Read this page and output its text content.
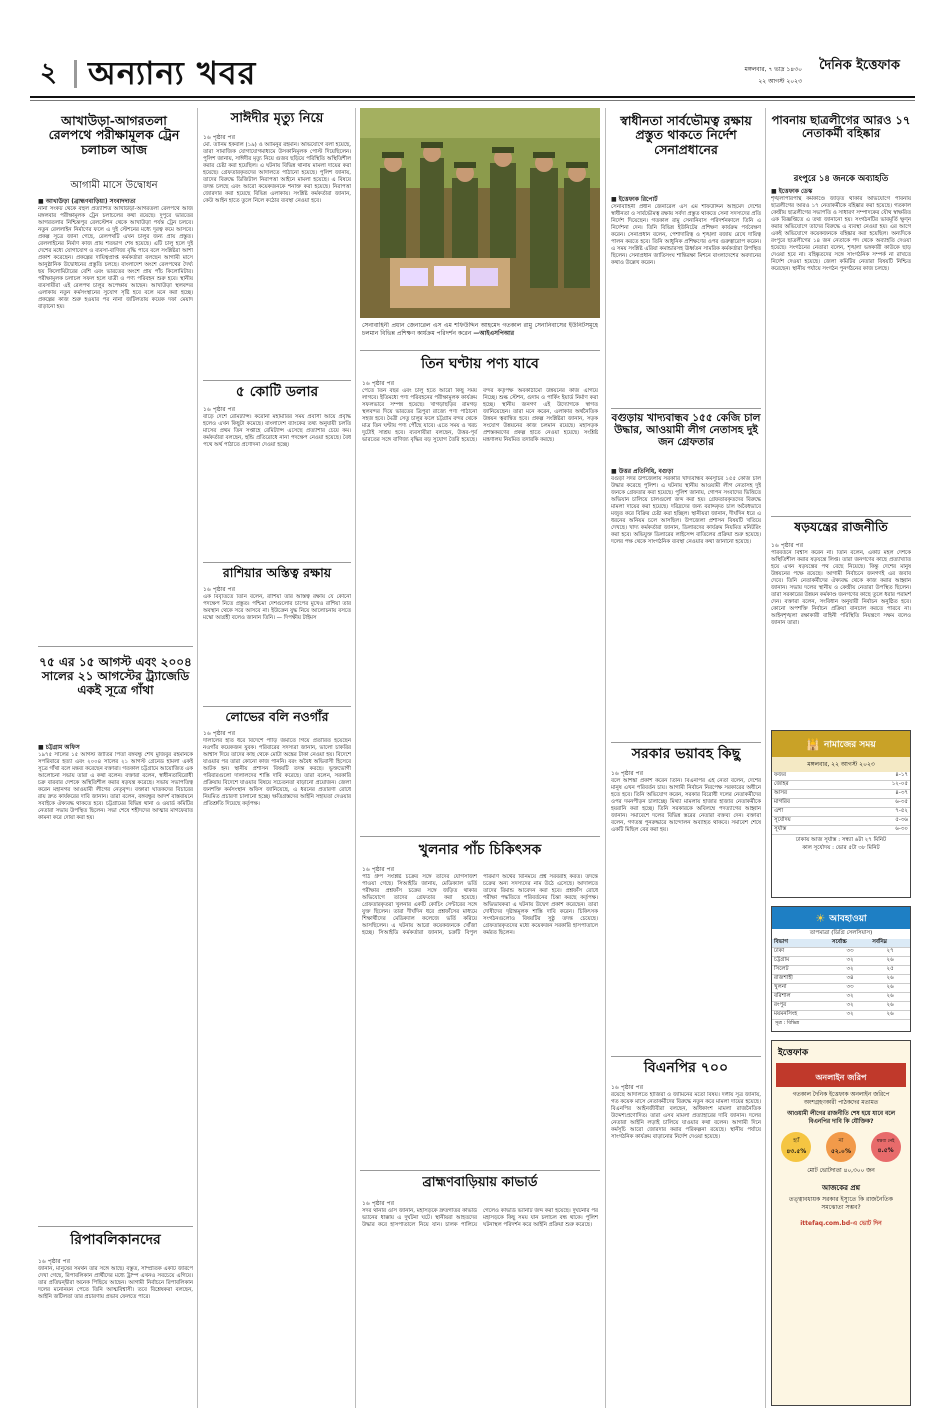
২ অন্যান্য খবর	মঙ্গলবার, ৭ ভাদ্র ১৪৩০
২২ আগস্ট ২০২৩
দৈনিক ইত্তেফাক
আখাউড়া-আগরতলা রেলপথে পরীক্ষামূলক ট্রেন চলাচল আজ
আগামী মাসে উদ্বোধন
■ আখাউড়া (ব্রাহ্মণবাড়িয়া) সংবাদদাতা
নানা সংকট থেকে বহুল প্রত্যাশিত আখাউড়া-আগরতলা রেলপথে আজ মঙ্গলবার পরীক্ষামূলক ট্রেন চলাচলের কথা রয়েছে। দুপুরে ভারতের আগরতলার নিশ্চিন্তপুর রেলস্টেশন থেকে আখাউড়া পর্যন্ত ট্রেন চলবে। নতুন রেললাইন নির্মাণের ফলে এ দুই স্টেশনের মধ্যে দূরত্ব কমে আসবে। প্রকল্প সূত্রে জানা গেছে, রেলপথটি এখন চালুর জন্য প্রায় প্রস্তুত। রেললাইনের নির্মাণ কাজ প্রায় শতভাগ শেষ হয়েছে। এটি চালু হলে দুই দেশের মধ্যে যোগাযোগ ও ব্যবসা-বাণিজ্য বৃদ্ধি পাবে বলে সংশ্লিষ্টরা আশা প্রকাশ করেছেন। প্রকল্পের দায়িত্বপ্রাপ্ত কর্মকর্তারা বলছেন আগামী মাসে আনুষ্ঠানিক উদ্বোধনের প্রস্তুতি চলছে। বাংলাদেশ অংশে রেলপথের দৈর্ঘ্য ছয় কিলোমিটারের বেশি এবং ভারতের অংশে প্রায় পাঁচ কিলোমিটার। পরীক্ষামূলক চলাচল সফল হলে যাত্রী ও পণ্য পরিবহন শুরু হবে। স্থানীয় ব্যবসায়ীরা এই রেলপথ চালুর অপেক্ষায় আছেন। আখাউড়া স্থলবন্দর এলাকায় নতুন কর্মসংস্থানের সুযোগ সৃষ্টি হবে বলে মনে করা হচ্ছে। প্রকল্পের কাজ শুরু হওয়ার পর নানা জটিলতায় কয়েক দফা মেয়াদ বাড়ানো হয়।
৭৫ এর ১৫ আগস্ট এবং ২০০৪ সালের ২১ আগস্টের ট্র্যাজেডি একই সূত্রে গাঁথা
■ চট্টগ্রাম অফিস
১৯৭৫ সালের ১৫ আগস্ট জাতির পিতা বঙ্গবন্ধু শেখ মুজিবুর রহমানকে সপরিবারে হত্যা এবং ২০০৪ সালের ২১ আগস্ট গ্রেনেড হামলা একই সূত্রে গাঁথা বলে মন্তব্য করেছেন বক্তারা। গতকাল চট্টগ্রামে আয়োজিত এক আলোচনা সভায় তারা এ কথা বলেন। বক্তারা বলেন, স্বাধীনতাবিরোধী চক্র বারবার দেশকে অস্থিতিশীল করার ষড়যন্ত্র করেছে। সভায় সভাপতিত্ব করেন মহানগর আওয়ামী লীগের নেতৃবৃন্দ। বক্তারা ঘাতকদের বিচারের রায় দ্রুত কার্যকরের দাবি জানান। তারা বলেন, বঙ্গবন্ধুর আদর্শ বাস্তবায়নে সবাইকে ঐক্যবদ্ধ থাকতে হবে। চট্টগ্রামের বিভিন্ন থানা ও ওয়ার্ড কমিটির নেতারা সভায় উপস্থিত ছিলেন। সভা শেষে শহীদদের আত্মার মাগফেরাত কামনা করে দোয়া করা হয়।
রিপাবলিকানদের
১৬ পৃষ্ঠার পর
জানান, মানুষের সমর্থন তার সঙ্গে আছে। বস্তুত, সাম্প্রতিক একটি জরিপে দেখা গেছে, রিপাবলিকান প্রার্থীদের মধ্যে ট্রাম্প এখনও সবচেয়ে এগিয়ে। তার প্রতিদ্বন্দ্বীরা অনেক পিছিয়ে আছেন। আগামী নির্বাচনে রিপাবলিকান দলের মনোনয়ন পেতে তিনি আত্মবিশ্বাসী। তবে বিশ্লেষকরা বলছেন, আইনি জটিলতা তার প্রচারণায় প্রভাব ফেলতে পারে।
সাঈদীর মৃত্যু নিয়ে
১৬ পৃষ্ঠার পর
মো. তানিম ইকবাল (১৯) ও আমিনুর রহমান। অভিযোগে বলা হয়েছে, তারা সামাজিক যোগাযোগমাধ্যমে উসকানিমূলক পোস্ট দিয়েছিলেন। পুলিশ জানায়, সাঈদীর মৃত্যু নিয়ে গুজব ছড়িয়ে পরিস্থিতি অস্থিতিশীল করার চেষ্টা করা হয়েছিল। এ ঘটনায় বিভিন্ন থানায় মামলা দায়ের করা হয়েছে। গ্রেফতারকৃতদের আদালতে পাঠানো হয়েছে। পুলিশ জানায়, তাদের বিরুদ্ধে ডিজিটাল নিরাপত্তা আইনে মামলা হয়েছে। এ বিষয়ে তদন্ত চলছে এবং আরো কয়েকজনকে শনাক্ত করা হয়েছে। নিরাপত্তা জোরদার করা হয়েছে বিভিন্ন এলাকায়। সংশ্লিষ্ট কর্মকর্তারা জানান, কেউ আইন হাতে তুলে নিলে কঠোর ব্যবস্থা নেওয়া হবে।
৫ কোটি ডলার
১৬ পৃষ্ঠার পর
বাড়ে দেশে রেমিট্যান্স। করোনা মহামারির সময় প্রবাসী আয়ে প্রবৃদ্ধি হলেও এখন কিছুটা কমেছে। বাংলাদেশ ব্যাংকের তথ্য অনুযায়ী চলতি মাসের প্রথম তিন সপ্তাহে রেমিট্যান্স এসেছে প্রত্যাশার চেয়ে কম। কর্মকর্তারা বলছেন, হুন্ডি প্রতিরোধে নানা পদক্ষেপ নেওয়া হয়েছে। বৈধ পথে অর্থ পাঠাতে প্রণোদনা দেওয়া হচ্ছে।
রাশিয়ার অস্তিত্ব রক্ষায়
১৬ পৃষ্ঠার পর
এক বিবৃতিতে তিনি বলেন, রাশিয়া তার অস্তিত্ব রক্ষায় যে কোনো পদক্ষেপ নিতে প্রস্তুত। পশ্চিমা দেশগুলোর চাপের মুখেও রাশিয়া তার অবস্থান থেকে সরে আসবে না। ইউক্রেন যুদ্ধ নিয়ে আলোচনায় বসতে মস্কো আগ্রহী বলেও জানান তিনি। — দিপক্ষীয় টাইমস
লোভের বলি নওগাঁর
১৬ পৃষ্ঠার পর
দালালের হাত ধরে বিদেশে পাড়ি জমাতে গিয়ে প্রতারিত হয়েছেন নওগাঁর কয়েকজন যুবক। পরিবারের সদস্যরা জানান, ভালো চাকরির আশ্বাস দিয়ে তাদের কাছ থেকে মোটা অঙ্কের টাকা নেওয়া হয়। বিদেশে যাওয়ার পর তারা কোনো কাজ পাননি। বরং অবৈধ অভিবাসী হিসেবে আটক হন। স্থানীয় প্রশাসন বিষয়টি তদন্ত করছে। ভুক্তভোগী পরিবারগুলো দালালদের শাস্তি দাবি করেছে। তারা বলেন, সরকারি প্রক্রিয়ায় বিদেশে যাওয়ার বিষয়ে সচেতনতা বাড়ানো প্রয়োজন। জেলা জনশক্তি কর্মসংস্থান অফিস জানিয়েছে, এ ধরনের প্রতারণা রোধে নিয়মিত প্রচারণা চালানো হচ্ছে। ক্ষতিগ্রস্তদের আইনি সহায়তা দেওয়ার প্রতিশ্রুতি দিয়েছে কর্তৃপক্ষ।
সেনাবাহিনী প্রধান জেনারেল এস এম শফিউদ্দিন আহমেদ গতকাল রামু সেনানিবাসের ইউনিটসমূহে চলমান বিভিন্ন প্রশিক্ষণ কার্যক্রম পরিদর্শন করেন —আইএসপিআর
তিন ঘণ্টায় পণ্য যাবে
১৬ পৃষ্ঠার পর
পেতে তিন বছর এবং চালু হতে আরো কিছু সময় লাগবে। ইতিমধ্যে পণ্য পরিবহনের পরীক্ষামূলক কার্যক্রম সফলভাবে সম্পন্ন হয়েছে। খাগড়াছড়ির রামগড় স্থলবন্দর দিয়ে ভারতের ত্রিপুরা রাজ্যে পণ্য পাঠানো সহজ হবে। মৈত্রী সেতু চালুর ফলে চট্টগ্রাম বন্দর থেকে মাত্র তিন ঘণ্টায় পণ্য পৌঁছে যাবে। এতে সময় ও খরচ দুটোই সাশ্রয় হবে। ব্যবসায়ীরা বলছেন, উত্তর-পূর্ব ভারতের সঙ্গে বাণিজ্য বৃদ্ধির বড় সুযোগ তৈরি হয়েছে। বন্দর কর্তৃপক্ষ অবকাঠামো উন্নয়নের কাজ এগিয়ে নিচ্ছে। শুল্ক স্টেশন, গুদাম ও পার্কিং ইয়ার্ড নির্মাণ করা হচ্ছে। স্থানীয় জনগণ এই উদ্যোগকে স্বাগত জানিয়েছেন। তারা মনে করেন, এলাকার অর্থনৈতিক উন্নয়ন ত্বরান্বিত হবে। প্রকল্প সংশ্লিষ্টরা জানান, সড়ক সংযোগ উন্নয়নের কাজ চলমান রয়েছে। মহাসড়ক প্রশস্তকরণের প্রকল্প হাতে নেওয়া হয়েছে। সংশ্লিষ্ট মন্ত্রণালয় নিয়মিত তদারকি করছে।
খুলনার পাঁচ চিকিৎসক
১৬ পৃষ্ঠার পর
পাঠ গ্রুপ সংশ্লিষ্ট চক্রের সঙ্গে তাদের যোগসাজশ পাওয়া গেছে। সিআইডি জানায়, মেডিক্যাল ভর্তি পরীক্ষার প্রশ্নফাঁস চক্রের সঙ্গে জড়িত থাকার অভিযোগে তাদের গ্রেফতার করা হয়েছে। গ্রেফতারকৃতরা খুলনার একটি কোচিং সেন্টারের সঙ্গে যুক্ত ছিলেন। তারা দীর্ঘদিন ধরে প্রশ্নফাঁসের মাধ্যমে শিক্ষার্থীদের মেডিক্যাল কলেজে ভর্তি করিয়ে আসছিলেন। এ ঘটনায় আরো কয়েকজনকে খোঁজা হচ্ছে। সিআইডি কর্মকর্তারা জানান, চক্রটি বিপুল পরিমাণ অর্থের বিনিময়ে প্রশ্ন সরবরাহ করত। তদন্তে চক্রের অন্য সদস্যদের নাম উঠে এসেছে। আদালতে তাদের রিমান্ড আবেদন করা হবে। প্রশ্নফাঁস রোধে পরীক্ষা পদ্ধতিতে পরিবর্তনের চিন্তা করছে কর্তৃপক্ষ। অভিভাবকরা এ ঘটনায় উদ্বেগ প্রকাশ করেছেন। তারা দোষীদের দৃষ্টান্তমূলক শাস্তি দাবি করেন। চিকিৎসক সংগঠনগুলোও বিষয়টির সুষ্ঠু তদন্ত চেয়েছে। গ্রেফতারকৃতদের মধ্যে কয়েকজন সরকারি হাসপাতালে কর্মরত ছিলেন।
ব্রাহ্মণবাড়িয়ায় কাভার্ড
১৬ পৃষ্ঠার পর
সদর থানার ওসি জানান, মহাসড়কে দ্রুতগতির কাভার্ড ভ্যানের ধাক্কায় এ দুর্ঘটনা ঘটে। স্থানীয়রা আহতদের উদ্ধার করে হাসপাতালে নিয়ে যান। চালক পালিয়ে গেলেও কাভার্ড ভ্যানটি জব্দ করা হয়েছে। দুর্ঘটনার পর মহাসড়কে কিছু সময় যান চলাচল বন্ধ থাকে। পুলিশ ঘটনাস্থল পরিদর্শন করে আইনি প্রক্রিয়া শুরু করেছে।
স্বাধীনতা সার্বভৌমত্ব রক্ষায় প্রস্তুত থাকতে নির্দেশ সেনাপ্রধানের
■ ইত্তেফাক রিপোর্ট
সেনাবাহিনী প্রধান জেনারেল এস এম শফিউদ্দিন আহমেদ দেশের স্বাধীনতা ও সার্বভৌমত্ব রক্ষায় সর্বদা প্রস্তুত থাকতে সেনা সদস্যদের প্রতি নির্দেশ দিয়েছেন। গতকাল রামু সেনানিবাস পরিদর্শনকালে তিনি এ নির্দেশনা দেন। তিনি বিভিন্ন ইউনিটের প্রশিক্ষণ কার্যক্রম পর্যবেক্ষণ করেন। সেনাপ্রধান বলেন, পেশাদারিত্ব ও শৃঙ্খলা বজায় রেখে দায়িত্ব পালন করতে হবে। তিনি আধুনিক প্রশিক্ষণের ওপর গুরুত্বারোপ করেন। এ সময় সংশ্লিষ্ট এরিয়া কমান্ডারসহ ঊর্ধ্বতন সামরিক কর্মকর্তারা উপস্থিত ছিলেন। সেনাপ্রধান জাতিসংঘ শান্তিরক্ষা মিশনে বাংলাদেশের অবদানের কথাও উল্লেখ করেন।
বগুড়ায় খাদ্যবান্ধব ১৫৫ কেজি চাল উদ্ধার, আওয়ামী লীগ নেতাসহ দুই জন গ্রেফতার
■ উত্তর প্রতিনিধি, বগুড়া
বগুড়া সদর উপজেলায় সরকারি খাদ্যবান্ধব কর্মসূচির ১৫৫ কেজি চাল উদ্ধার করেছে পুলিশ। এ ঘটনায় স্থানীয় আওয়ামী লীগ নেতাসহ দুই জনকে গ্রেফতার করা হয়েছে। পুলিশ জানায়, গোপন সংবাদের ভিত্তিতে অভিযান চালিয়ে চালগুলো জব্দ করা হয়। গ্রেফতারকৃতদের বিরুদ্ধে মামলা দায়ের করা হয়েছে। দরিদ্রদের জন্য বরাদ্দকৃত চাল অবৈধভাবে মজুত করে বিক্রির চেষ্টা করা হচ্ছিল। স্থানীয়রা জানান, দীর্ঘদিন ধরে এ ধরনের অনিয়ম চলে আসছিল। উপজেলা প্রশাসন বিষয়টি খতিয়ে দেখছে। খাদ্য কর্মকর্তারা জানান, ডিলারদের কার্যক্রম নিয়মিত মনিটরিং করা হবে। অভিযুক্ত ডিলারের লাইসেন্স বাতিলের প্রক্রিয়া শুরু হয়েছে। দলের পক্ষ থেকে সাংগঠনিক ব্যবস্থা নেওয়ার কথা জানানো হয়েছে।
সরকার ভয়াবহ কিছু
১৬ পৃষ্ঠার পর
বলে আশঙ্কা প্রকাশ করেন তিনি। বিএনপির এই নেতা বলেন, দেশের মানুষ এখন পরিবর্তন চায়। আগামী নির্বাচন নিরপেক্ষ সরকারের অধীনে হতে হবে। তিনি অভিযোগ করেন, সরকার বিরোধী দলের নেতাকর্মীদের ওপর দমনপীড়ন চালাচ্ছে। মিথ্যা মামলায় হাজার হাজার নেতাকর্মীকে হয়রানি করা হচ্ছে। তিনি সরকারকে অবিলম্বে পদত্যাগের আহ্বান জানান। সমাবেশে দলের বিভিন্ন স্তরের নেতারা বক্তব্য দেন। বক্তারা বলেন, গণতন্ত্র পুনরুদ্ধারে আন্দোলন অব্যাহত থাকবে। সমাবেশ শেষে একটি মিছিল বের করা হয়।
বিএনপির ৭০০
১৬ পৃষ্ঠার পর
রয়েছে আদালতে হাজিরা ও জামিনের মতো বিষয়। দলীয় সূত্র জানায়, গত কয়েক মাসে নেতাকর্মীদের বিরুদ্ধে নতুন করে মামলা দায়ের হয়েছে। বিএনপির আইনজীবীরা বলছেন, অধিকাংশ মামলা রাজনৈতিক উদ্দেশ্যপ্রণোদিত। তারা এসব মামলা প্রত্যাহারের দাবি জানান। দলের নেতারা আইনি লড়াই চালিয়ে যাওয়ার কথা বলেন। আগামী দিনে কর্মসূচি আরো জোরদার করার পরিকল্পনা রয়েছে। স্থানীয় পর্যায়ে সাংগঠনিক কার্যক্রম বাড়ানোর নির্দেশ দেওয়া হয়েছে।
পাবনায় ছাত্রলীগের আরও ১৭ নেতাকর্মী বহিষ্কার
রংপুরে ১৪ জনকে অব্যাহতি
■ ইত্তেফাক ডেস্ক
শৃঙ্খলাপরিপন্থি কর্মকাণ্ডে জড়িত থাকার অভিযোগে পাবনায় ছাত্রলীগের আরও ১৭ নেতাকর্মীকে বহিষ্কার করা হয়েছে। গতকাল কেন্দ্রীয় ছাত্রলীগের সভাপতি ও সাধারণ সম্পাদকের যৌথ স্বাক্ষরিত এক বিজ্ঞপ্তিতে এ তথ্য জানানো হয়। সংগঠনটির ভাবমূর্তি ক্ষুণ্ন করার অভিযোগে তাদের বিরুদ্ধে এ ব্যবস্থা নেওয়া হয়। এর আগে একই অভিযোগে কয়েকজনকে বহিষ্কার করা হয়েছিল। অন্যদিকে রংপুরে ছাত্রলীগের ১৪ জন নেতাকে পদ থেকে অব্যাহতি দেওয়া হয়েছে। সংগঠনের নেতারা বলেন, শৃঙ্খলা ভঙ্গকারী কাউকে ছাড় দেওয়া হবে না। বহিষ্কৃতদের সঙ্গে সাংগঠনিক সম্পর্ক না রাখতে নির্দেশ দেওয়া হয়েছে। জেলা কমিটির নেতারা বিষয়টি নিশ্চিত করেছেন। স্থানীয় পর্যায়ে সংগঠন পুনর্গঠনের কাজ চলছে।
ষড়যন্ত্রের রাজনীতি
১৬ পৃষ্ঠার পর
পরিবর্তনে বিশ্বাস করেন না। তিনি বলেন, একটি মহল দেশকে অস্থিতিশীল করার ষড়যন্ত্রে লিপ্ত। তারা জনগণের কাছে প্রত্যাখ্যাত হয়ে এখন ষড়যন্ত্রের পথ বেছে নিয়েছে। কিন্তু দেশের মানুষ উন্নয়নের পক্ষে রয়েছে। আগামী নির্বাচনে জনগণই এর জবাব দেবে। তিনি নেতাকর্মীদের ঐক্যবদ্ধ থেকে কাজ করার আহ্বান জানান। সভায় দলের স্থানীয় ও কেন্দ্রীয় নেতারা উপস্থিত ছিলেন। তারা সরকারের উন্নয়ন কর্মকাণ্ড জনগণের কাছে তুলে ধরার পরামর্শ দেন। বক্তারা বলেন, সংবিধান অনুযায়ী নির্বাচন অনুষ্ঠিত হবে। কোনো অপশক্তি নির্বাচন প্রক্রিয়া বানচাল করতে পারবে না। আইনশৃঙ্খলা রক্ষাকারী বাহিনী পরিস্থিতি নিয়ন্ত্রণে সক্ষম বলেও জানান তারা।
🕌 নামাজের সময়
মঙ্গলবার, ২২ আগস্ট ২০২৩
ফজর	৪-১৭
জোহর	১২-০৫
আসর	৪-৩৭
মাগরিব	৬-৩৫
এশা	৭-৫২
সূর্যোদয়	৫-৩৬
সূর্যাস্ত	৬-৩০
ঢাকায় আজ সূর্যাস্ত : সন্ধ্যা ৬টা ২৭ মিনিট
কাল সূর্যোদয় : ভোর ৫টা ৩৮ মিনিট
☀ আবহাওয়া
তাপমাত্রা (ডিগ্রি সেলসিয়াস)
বিভাগ	সর্বোচ্চ	সর্বনিম্ন
ঢাকা	৩৩	২৭
চট্টগ্রাম	৩২	২৬
সিলেট	৩২	২৫
রাজশাহী	৩৪	২৬
খুলনা	৩৩	২৬
বরিশাল	৩২	২৬
রংপুর	৩২	২৬
ময়মনসিংহ	৩২	২৬
সূত্র : বিভিন্ন
ইত্তেফাক
অনলাইন জরিপ
গতকাল দৈনিক ইত্তেফাক অনলাইন জরিপে অংশগ্রহণকারী পাঠকদের মতামত
আওয়ামী লীগের রাজনীতি শেষ হয়ে যাবে বলে বিএনপির দাবি কি যৌক্তিক?
হ্যাঁ
৪৩.৫%
না
৫২.০%
মন্তব্য নেই
৪.৫%
মোট ভোটদাতা ৪০,৩০০ জন
আজকের প্রশ্ন
তত্ত্বাবধায়ক সরকার ইস্যুতে কি রাজনৈতিক সমঝোতা সম্ভব?
ittefaq.com.bd-এ ভোট দিন
